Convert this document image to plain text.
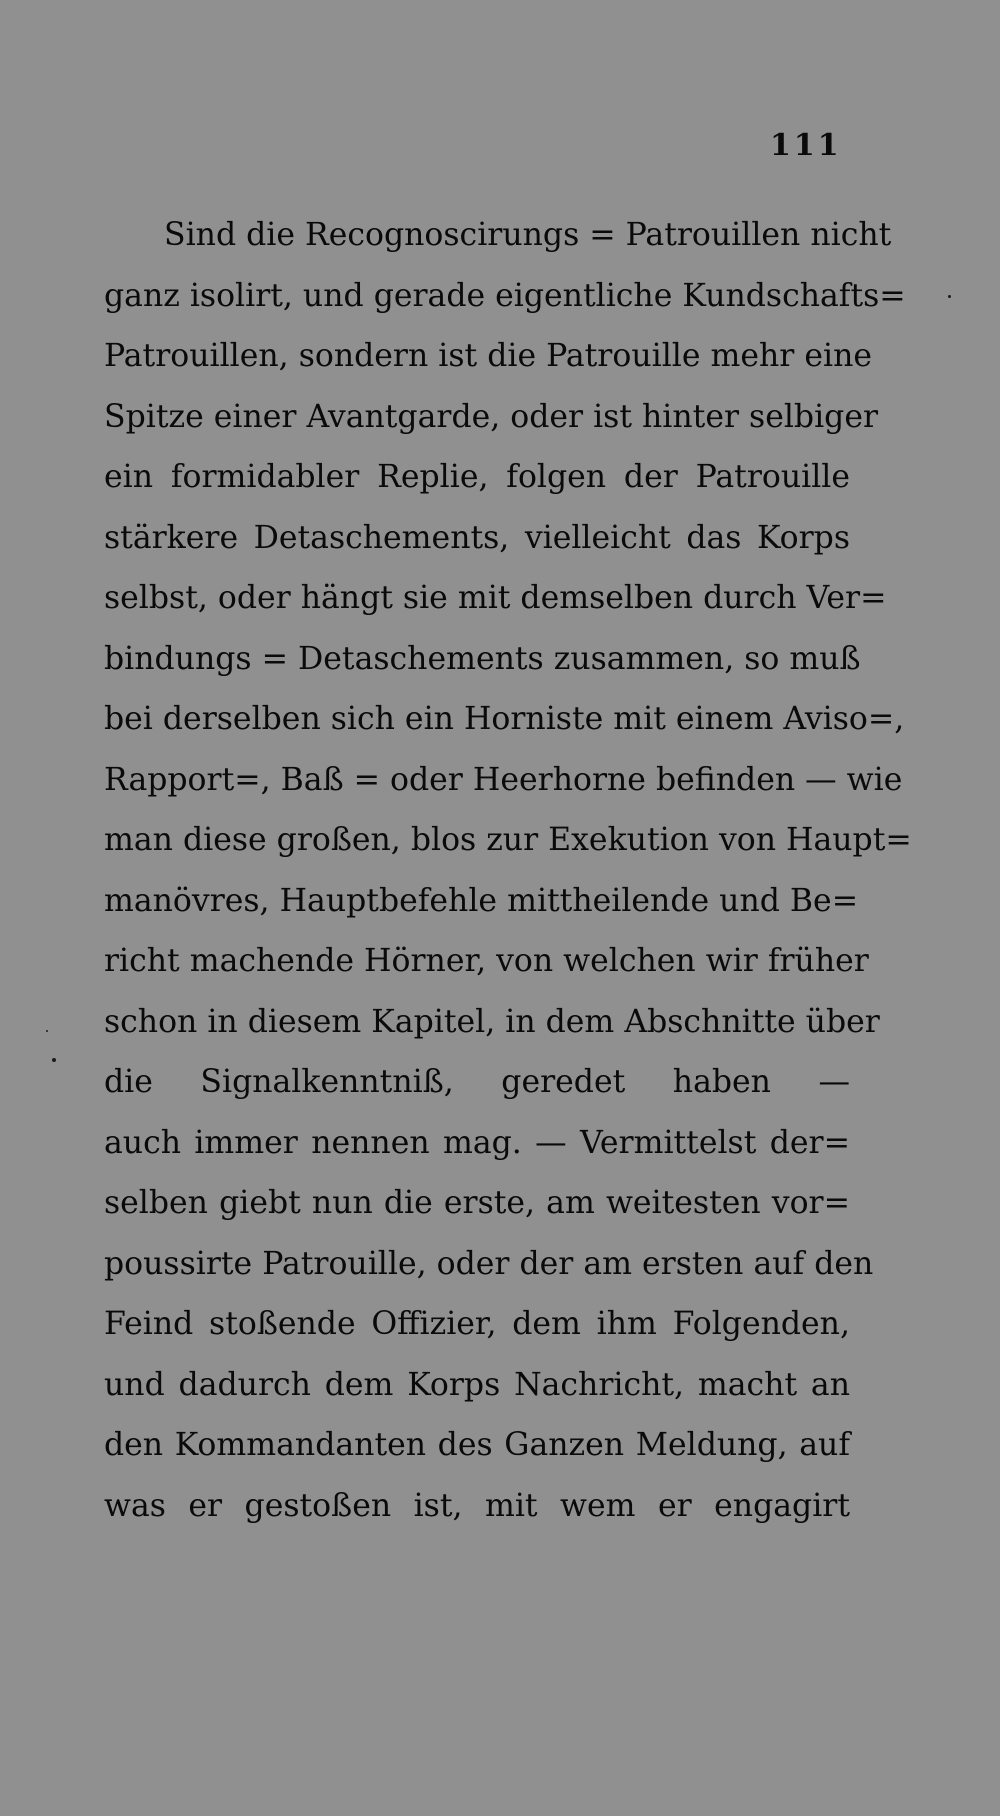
111
Sind die Recognoscirungs = Patrouillen nicht
ganz isolirt, und gerade eigentliche Kundschafts=
Patrouillen, sondern ist die Patrouille mehr eine
Spitze einer Avantgarde, oder ist hinter selbiger
ein formidabler Replie, folgen der Patrouille
stärkere Detaschements, vielleicht das Korps
selbst, oder hängt sie mit demselben durch Ver=
bindungs = Detaschements zusammen, so muß
bei derselben sich ein Horniste mit einem Aviso=,
Rapport=, Baß = oder Heerhorne befinden — wie
man diese großen, blos zur Exekution von Haupt=
manövres, Hauptbefehle mittheilende und Be=
richt machende Hörner, von welchen wir früher
schon in diesem Kapitel, in dem Abschnitte über
die Signalkenntniß, geredet haben —
auch immer nennen mag. — Vermittelst der=
selben giebt nun die erste, am weitesten vor=
poussirte Patrouille, oder der am ersten auf den
Feind stoßende Offizier, dem ihm Folgenden,
und dadurch dem Korps Nachricht, macht an
den Kommandanten des Ganzen Meldung, auf
was er gestoßen ist, mit wem er engagirt
